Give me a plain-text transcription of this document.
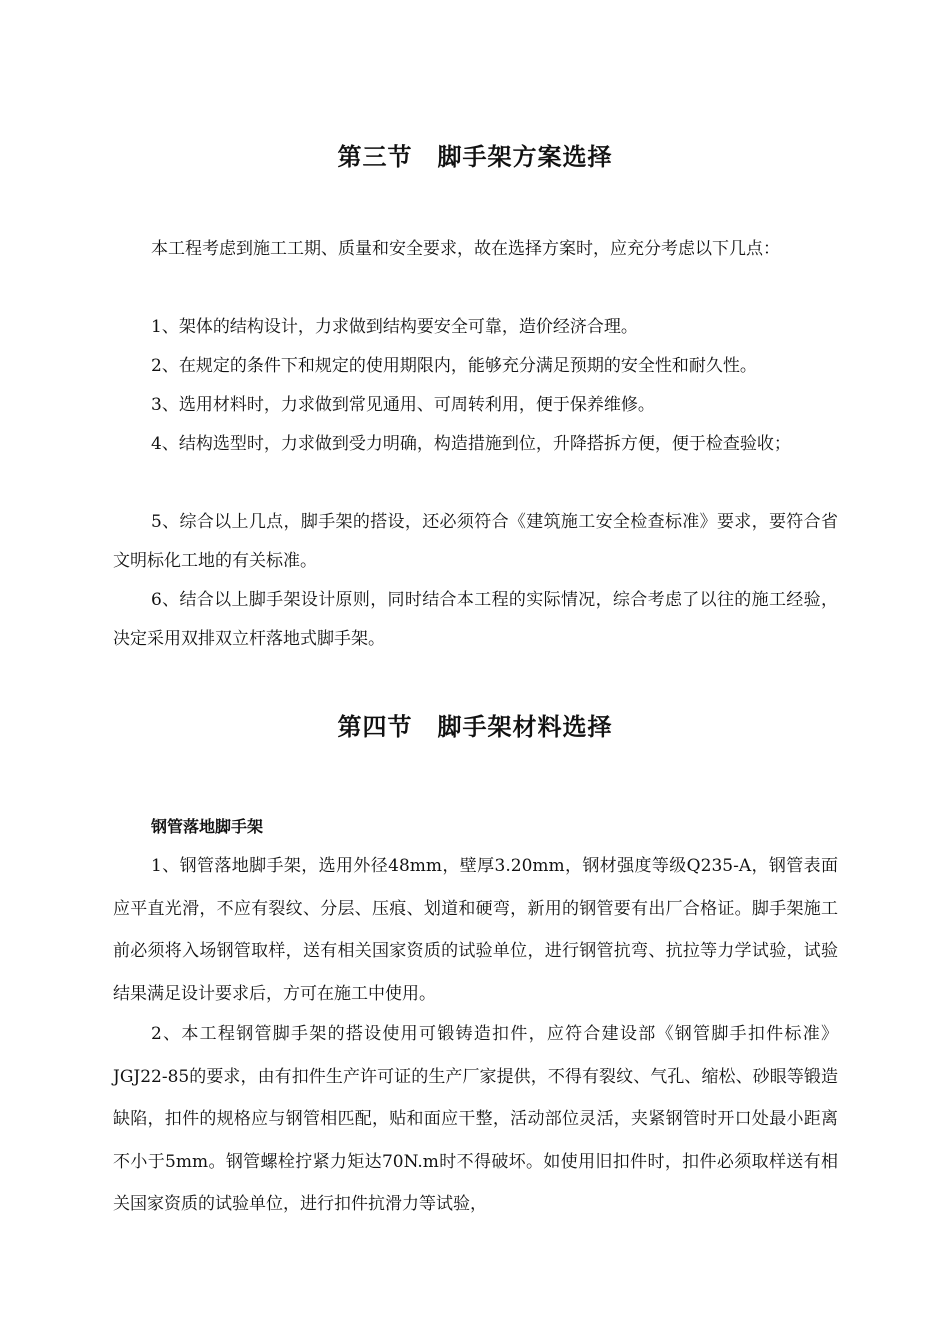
第三节　脚手架方案选择

本工程考虑到施工工期、质量和安全要求，故在选择方案时，应充分考虑以下几点：

1、架体的结构设计，力求做到结构要安全可靠，造价经济合理。

2、在规定的条件下和规定的使用期限内，能够充分满足预期的安全性和耐久性。

3、选用材料时，力求做到常见通用、可周转利用，便于保养维修。

4、结构选型时，力求做到受力明确，构造措施到位，升降搭拆方便，便于检查验收；

5、综合以上几点，脚手架的搭设，还必须符合《建筑施工安全检查标准》要求，要符合省文明标化工地的有关标准。

6、结合以上脚手架设计原则，同时结合本工程的实际情况，综合考虑了以往的施工经验，决定采用双排双立杆落地式脚手架。

第四节　脚手架材料选择
钢管落地脚手架

1、钢管落地脚手架，选用外径48mm，壁厚3.20mm，钢材强度等级Q235-A，钢管表面应平直光滑，不应有裂纹、分层、压痕、划道和硬弯，新用的钢管要有出厂合格证。脚手架施工前必须将入场钢管取样，送有相关国家资质的试验单位，进行钢管抗弯、抗拉等力学试验，试验结果满足设计要求后，方可在施工中使用。

2、本工程钢管脚手架的搭设使用可锻铸造扣件，应符合建设部《钢管脚手扣件标准》JGJ22-85的要求，由有扣件生产许可证的生产厂家提供，不得有裂纹、气孔、缩松、砂眼等锻造缺陷，扣件的规格应与钢管相匹配，贴和面应干整，活动部位灵活，夹紧钢管时开口处最小距离不小于5mm。钢管螺栓拧紧力矩达70N.m时不得破坏。如使用旧扣件时，扣件必须取样送有相关国家资质的试验单位，进行扣件抗滑力等试验，
